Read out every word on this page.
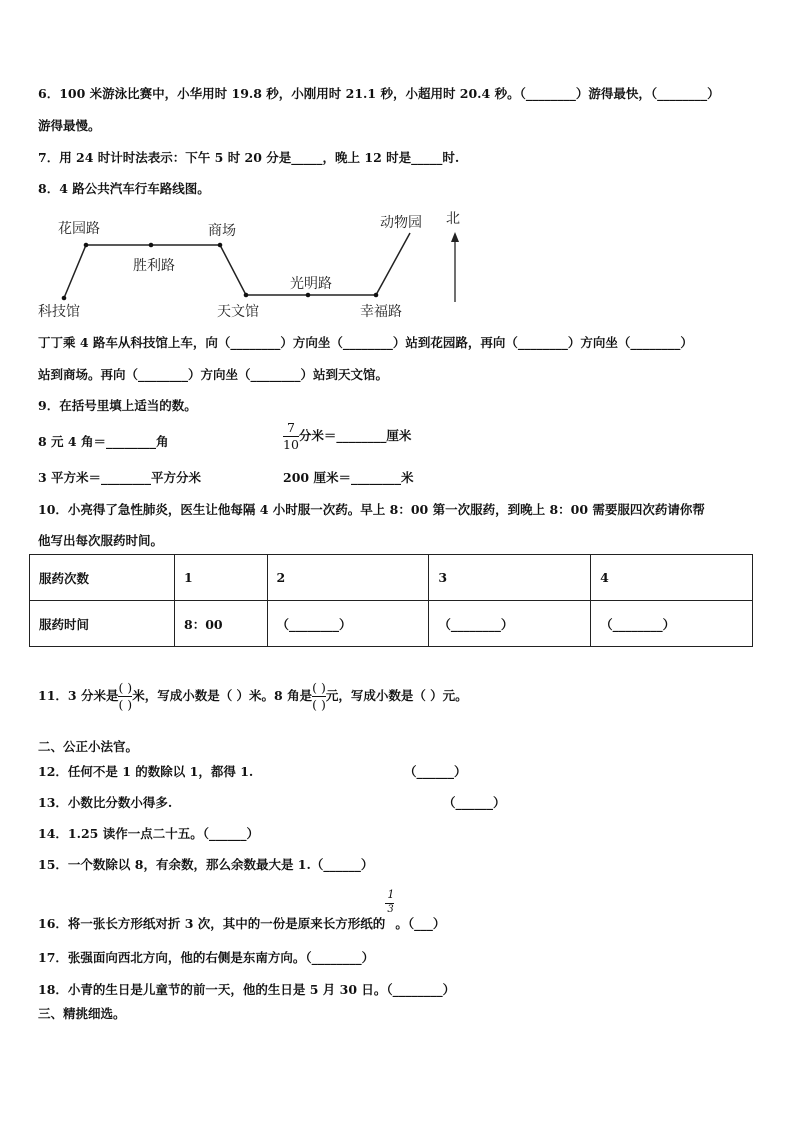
6．100 米游泳比赛中，小华用时 19.8 秒，小刚用时 21.1 秒，小超用时 20.4 秒。（________）游得最快，（________）
游得最慢。
7．用 24 时计时法表示：下午 5 时 20 分是_____，晚上 12 时是_____时.
8．4 路公共汽车行车路线图。
花园路	商场
胜利路
科技馆	天文馆
光明路
动物园
幸福路
北
丁丁乘 4 路车从科技馆上车，向（________）方向坐（________）站到花园路，再向（________）方向坐（________）
站到商场。再向（________）方向坐（________）站到天文馆。
9．在括号里填上适当的数。
8 元 4 角＝________角	$\frac{7}{10}$ 分米＝________厘米
3 平方米＝________平方分米	200 厘米＝________米
10．小亮得了急性肺炎，医生让他每隔 4 小时服一次药。早上 8：00 第一次服药，到晚上 8：00 需要服四次药请你帮
他写出每次服药时间。
服药次数	1	2	3	4
服药时间	8：00	（________）	（________）	（________）
11．3 分米是 $\frac{( )}{( )}$ 米，写成小数是（ ）米。8 角是 $\frac{( )}{( )}$ 元，写成小数是（ ）元。
二、公正小法官。
12．任何不是 1 的数除以 1，都得 1.	（______）
13．小数比分数小得多.	（______）
14．1.25 读作一点二十五。（______）
15．一个数除以 8，有余数，那么余数最大是 1.（______）
16．将一张长方形纸对折 3 次，其中的一份是原来长方形纸的 $\frac{1}{3}$ 。（___）
17．张强面向西北方向，他的右侧是东南方向。（________）
18．小青的生日是儿童节的前一天，他的生日是 5 月 30 日。（________）
三、精挑细选。
